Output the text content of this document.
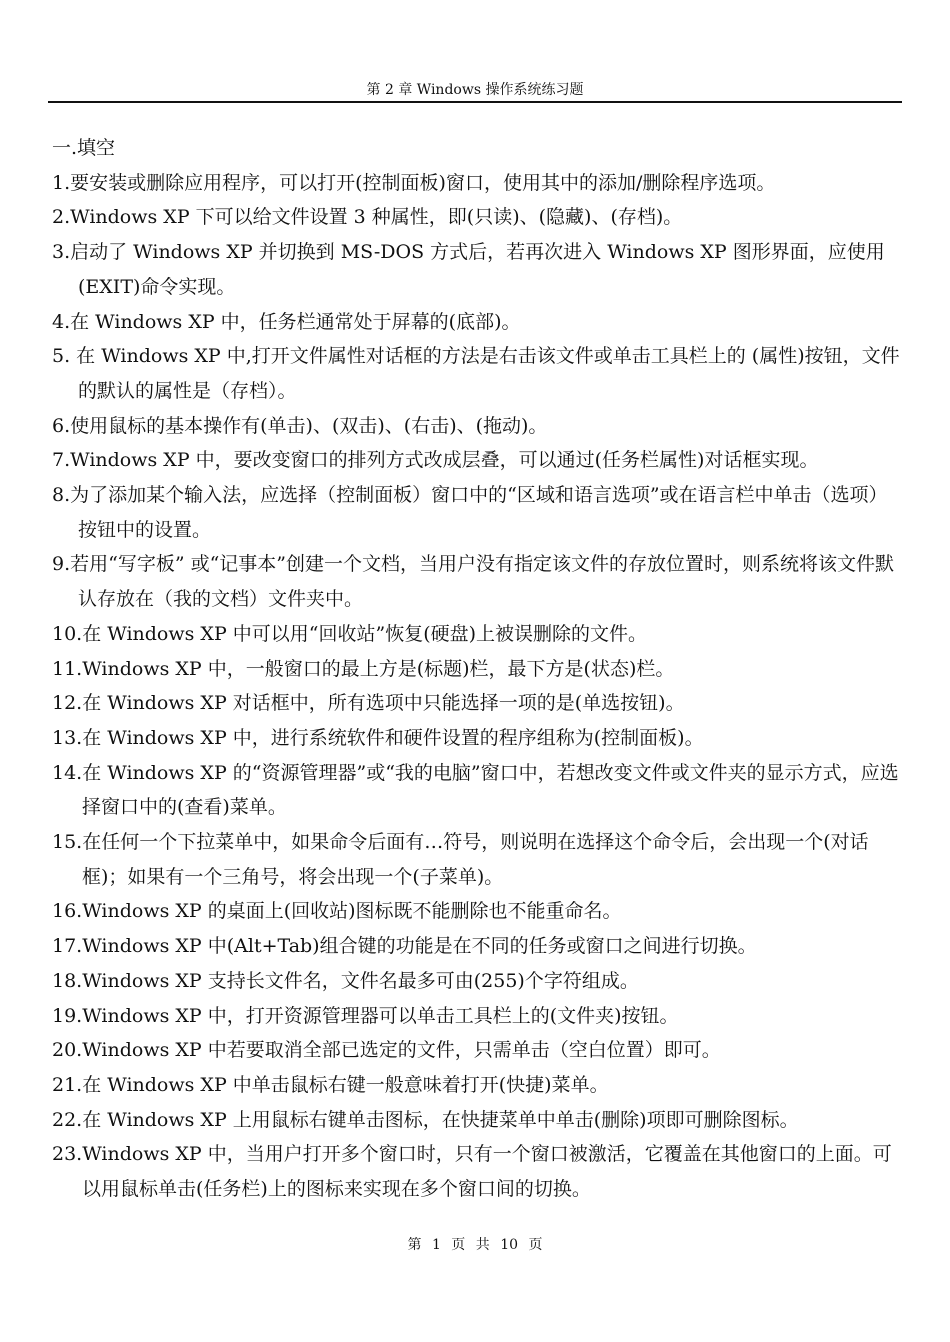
第 2 章 Windows 操作系统练习题
一.填空
1.要安装或删除应用程序，可以打开(控制面板)窗口，使用其中的添加/删除程序选项。
2.Windows XP 下可以给文件设置 3 种属性，即(只读)、(隐藏)、(存档)。
3.启动了 Windows XP 并切换到 MS-DOS 方式后，若再次进入 Windows XP 图形界面，应使用(EXIT)命令实现。
4.在 Windows XP 中，任务栏通常处于屏幕的(底部)。
5. 在 Windows XP 中,打开文件属性对话框的方法是右击该文件或单击工具栏上的 (属性)按钮，文件的默认的属性是（存档）。
6.使用鼠标的基本操作有(单击)、(双击)、(右击)、(拖动)。
7.Windows XP 中，要改变窗口的排列方式改成层叠，可以通过(任务栏属性)对话框实现。
8.为了添加某个输入法，应选择（控制面板）窗口中的“区域和语言选项”或在语言栏中单击（选项）按钮中的设置。
9.若用“写字板” 或“记事本”创建一个文档，当用户没有指定该文件的存放位置时，则系统将该文件默认存放在（我的文档）文件夹中。
10.在 Windows XP 中可以用“回收站”恢复(硬盘)上被误删除的文件。
11.Windows XP 中，一般窗口的最上方是(标题)栏，最下方是(状态)栏。
12.在 Windows XP 对话框中，所有选项中只能选择一项的是(单选按钮)。
13.在 Windows XP 中，进行系统软件和硬件设置的程序组称为(控制面板)。
14.在 Windows XP 的“资源管理器”或“我的电脑”窗口中，若想改变文件或文件夹的显示方式，应选择窗口中的(查看)菜单。
15.在任何一个下拉菜单中，如果命令后面有…符号，则说明在选择这个命令后，会出现一个(对话框)；如果有一个三角号，将会出现一个(子菜单)。
16.Windows XP 的桌面上(回收站)图标既不能删除也不能重命名。
17.Windows XP 中(Alt+Tab)组合键的功能是在不同的任务或窗口之间进行切换。
18.Windows XP 支持长文件名，文件名最多可由(255)个字符组成。
19.Windows XP 中，打开资源管理器可以单击工具栏上的(文件夹)按钮。
20.Windows XP 中若要取消全部已选定的文件，只需单击（空白位置）即可。
21.在 Windows XP 中单击鼠标右键一般意味着打开(快捷)菜单。
22.在 Windows XP 上用鼠标右键单击图标，在快捷菜单中单击(删除)项即可删除图标。
23.Windows XP 中，当用户打开多个窗口时，只有一个窗口被激活，它覆盖在其他窗口的上面。可以用鼠标单击(任务栏)上的图标来实现在多个窗口间的切换。
第 1 页 共 10 页
